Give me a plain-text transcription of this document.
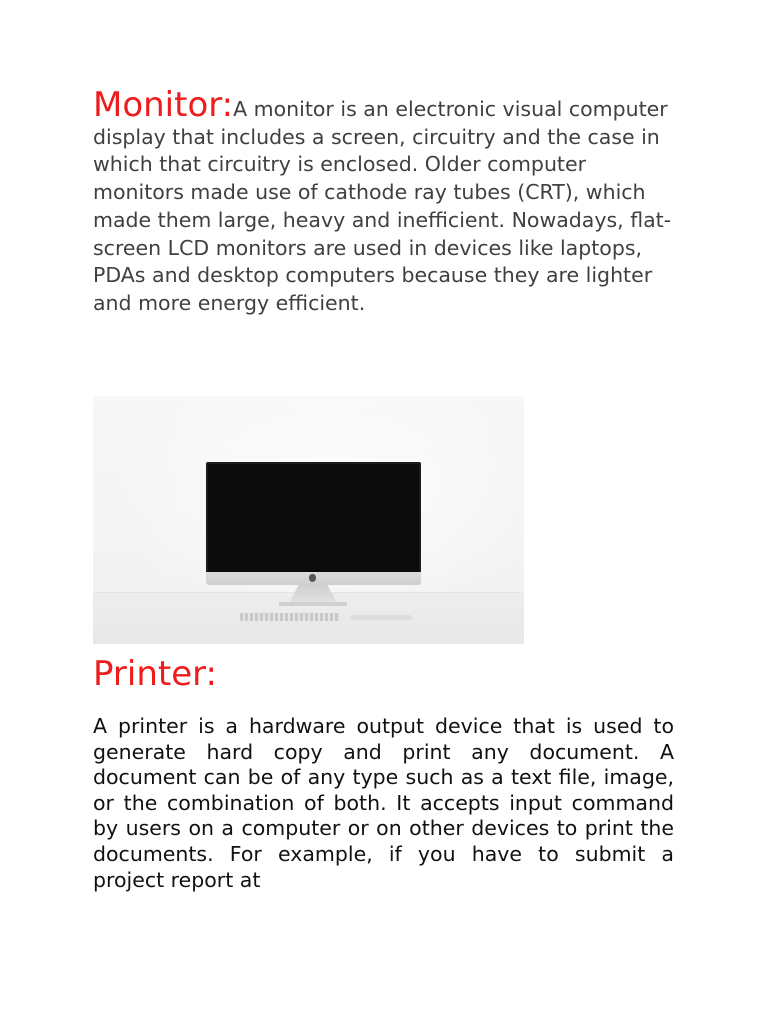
Monitor:A monitor is an electronic visual computer display that includes a screen, circuitry and the case in which that circuitry is enclosed. Older computer monitors made use of cathode ray tubes (CRT), which made them large, heavy and inefficient. Nowadays, flat-screen LCD monitors are used in devices like laptops, PDAs and desktop computers because they are lighter and more energy efficient.

Printer:

A printer is a hardware output device that is used to generate hard copy and print any document. A document can be of any type such as a text file, image, or the combination of both. It accepts input command by users on a computer or on other devices to print the documents. For example, if you have to submit a project report at
